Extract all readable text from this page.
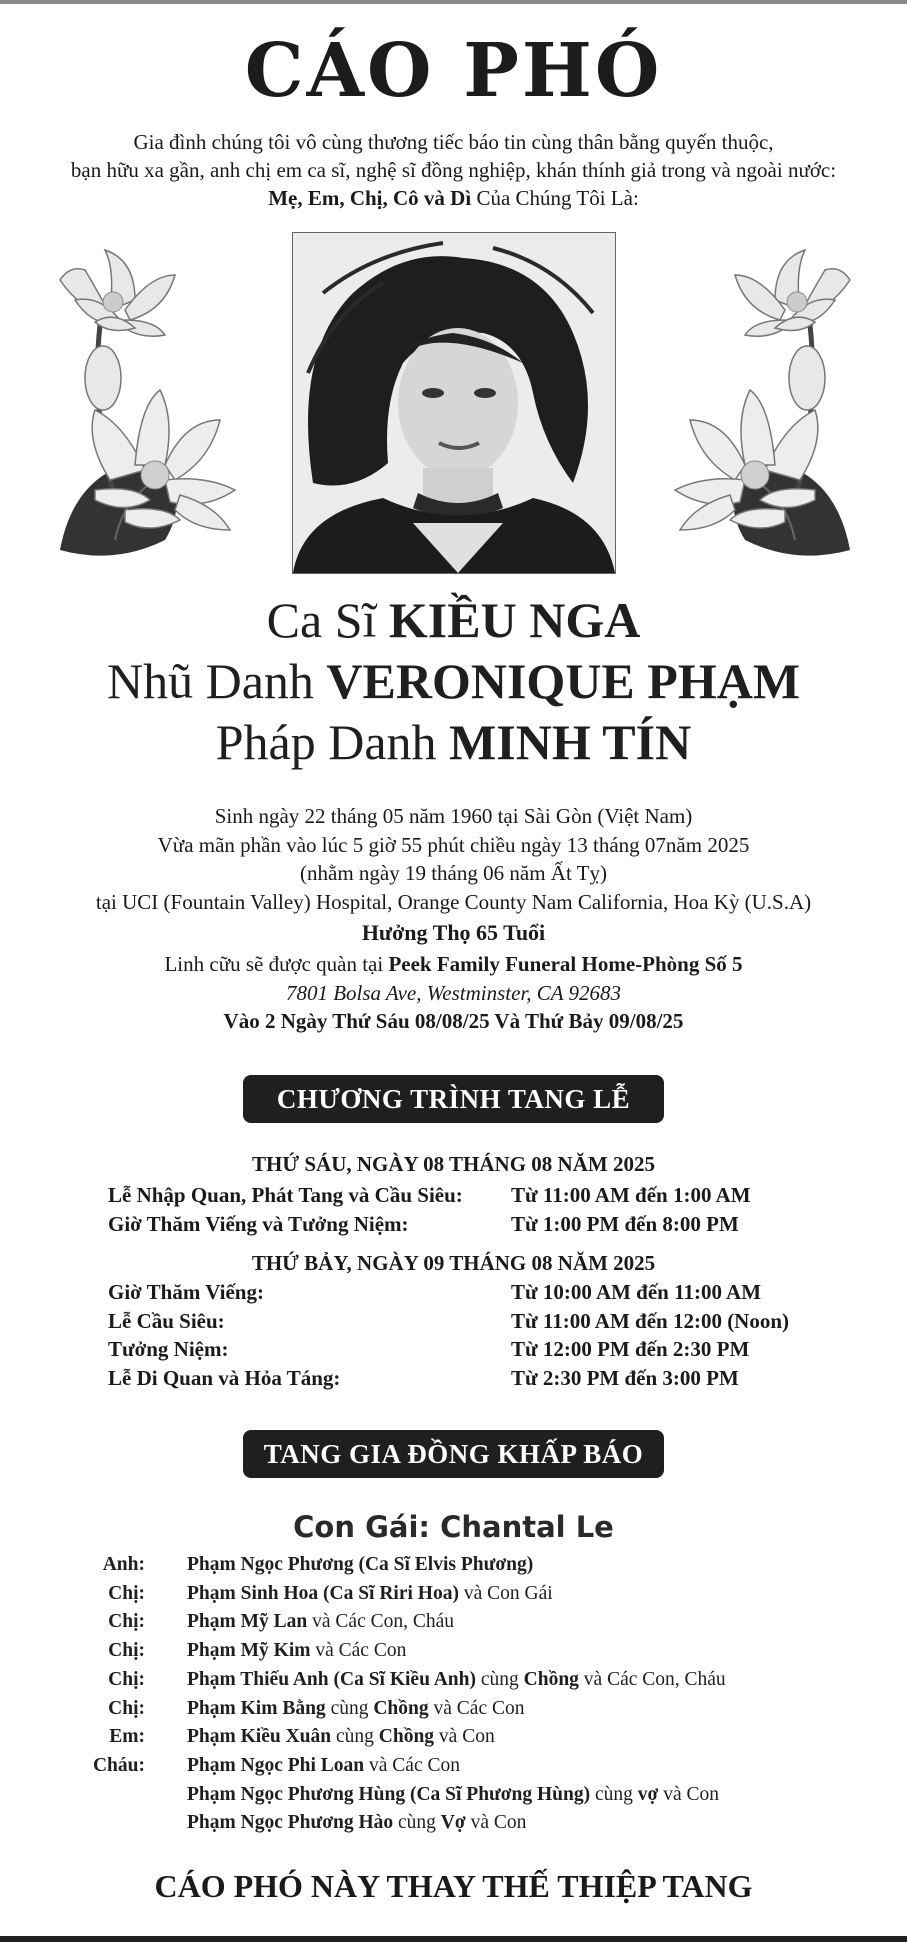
CÁO PHÓ
Gia đình chúng tôi vô cùng thương tiếc báo tin cùng thân bằng quyến thuộc,
bạn hữu xa gần, anh chị em ca sĩ, nghệ sĩ đồng nghiệp, khán thính giả trong và ngoài nước:
Mẹ, Em, Chị, Cô và Dì Của Chúng Tôi Là:
Ca Sĩ KIỀU NGA
Nhũ Danh VERONIQUE PHẠM
Pháp Danh MINH TÍN
Sinh ngày 22 tháng 05 năm 1960 tại Sài Gòn (Việt Nam)
Vừa mãn phần vào lúc 5 giờ 55 phút chiều ngày 13 tháng 07năm 2025
(nhằm ngày 19 tháng 06 năm Ất Tỵ)
tại UCI (Fountain Valley) Hospital, Orange County Nam California, Hoa Kỳ (U.S.A)
Hưởng Thọ 65 Tuổi
Linh cữu sẽ được quàn tại Peek Family Funeral Home-Phòng Số 5
7801 Bolsa Ave, Westminster, CA 92683
Vào 2 Ngày Thứ Sáu 08/08/25 Và Thứ Bảy 09/08/25
CHƯƠNG TRÌNH TANG LỄ
THỨ SÁU, NGÀY 08 THÁNG 08 NĂM 2025
Lễ Nhập Quan, Phát Tang và Cầu Siêu:
Giờ Thăm Viếng và Tưởng Niệm:
Từ 11:00 AM đến 1:00 AM
Từ 1:00 PM đến 8:00 PM
THỨ BẢY, NGÀY 09 THÁNG 08 NĂM 2025
Giờ Thăm Viếng:
Lễ Cầu Siêu:
Tưởng Niệm:
Lễ Di Quan và Hỏa Táng:
Từ 10:00 AM đến 11:00 AM
Từ 11:00 AM đến 12:00 (Noon)
Từ 12:00 PM đến 2:30 PM
Từ 2:30 PM đến 3:00 PM
TANG GIA ĐỒNG KHẤP BÁO
Con Gái: Chantal Le
Anh:
Chị:
Chị:
Chị:
Chị:
Chị:
Em:
Cháu:

Phạm Ngọc Phương (Ca Sĩ Elvis Phương)
Phạm Sinh Hoa (Ca Sĩ Riri Hoa) và Con Gái
Phạm Mỹ Lan và Các Con, Cháu
Phạm Mỹ Kim và Các Con
Phạm Thiếu Anh (Ca Sĩ Kiều Anh) cùng Chồng và Các Con, Cháu
Phạm Kim Bằng cùng Chồng và Các Con
Phạm Kiều Xuân cùng Chồng và Con
Phạm Ngọc Phi Loan và Các Con
Phạm Ngọc Phương Hùng (Ca Sĩ Phương Hùng) cùng vợ và Con
Phạm Ngọc Phương Hào cùng Vợ và Con
CÁO PHÓ NÀY THAY THẾ THIỆP TANG
